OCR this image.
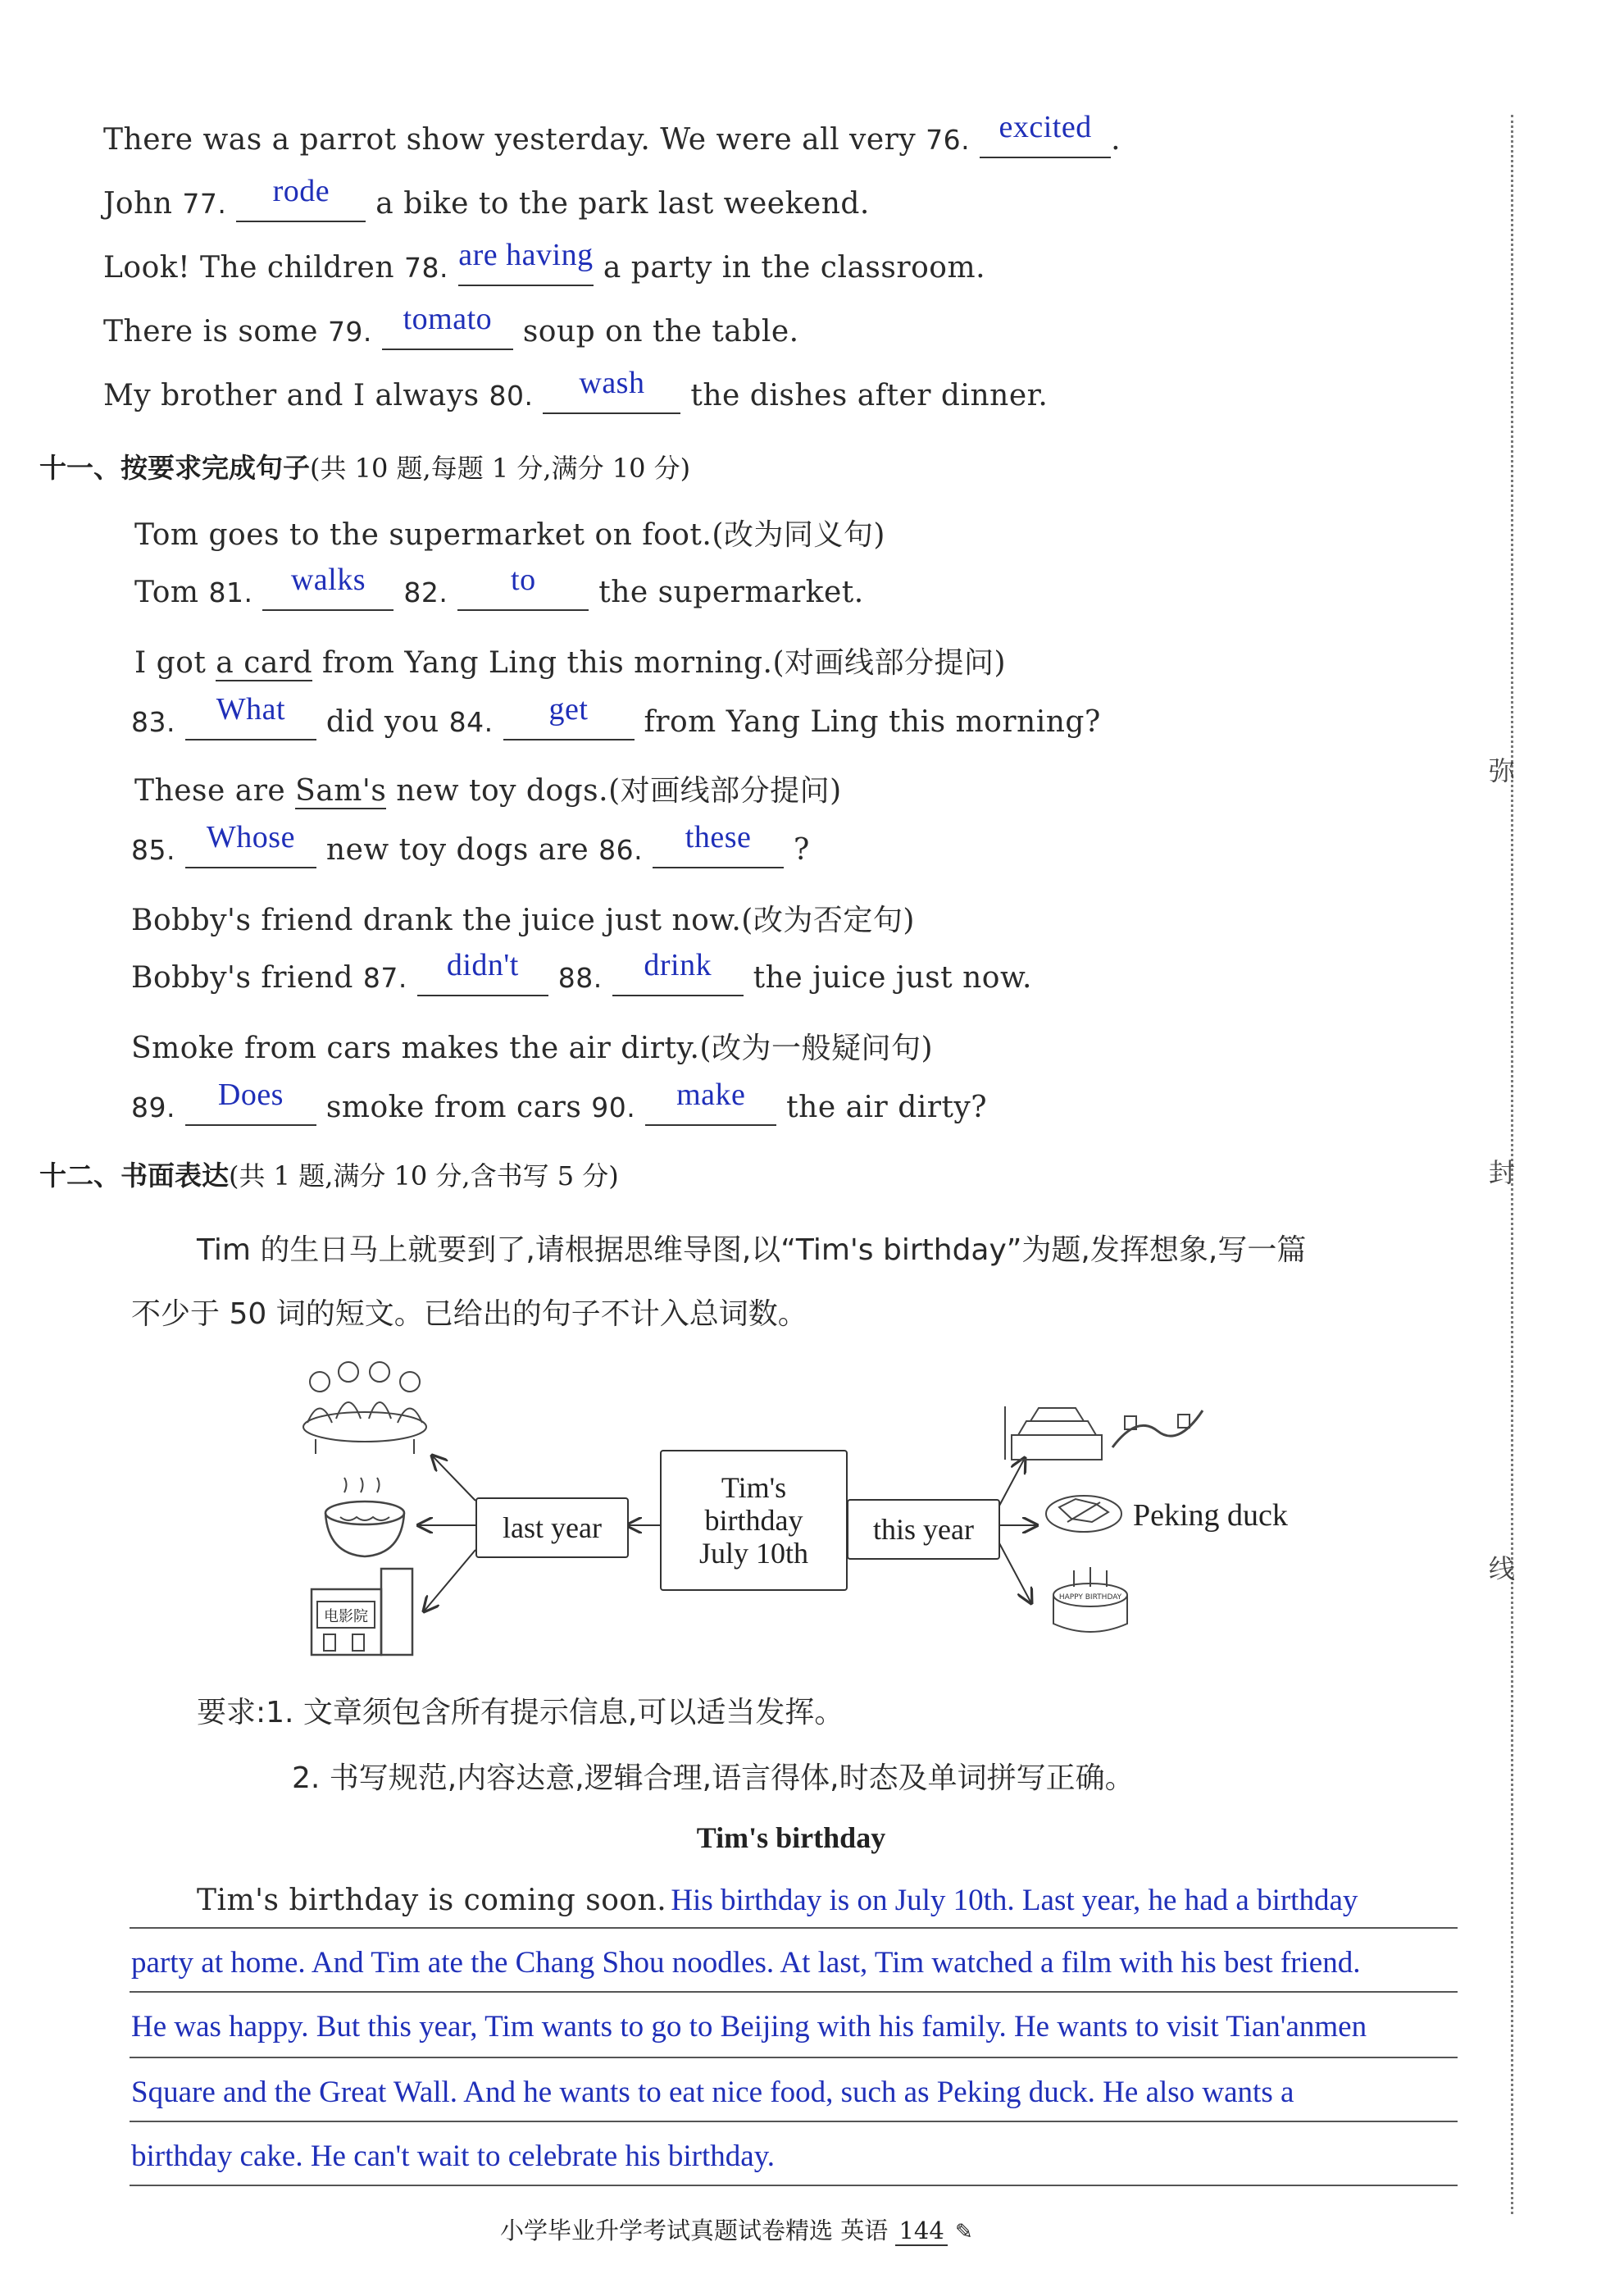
弥
封
线
There was a parrot show yesterday. We were all very 76. excited .
John 77.	rode	a bike to the park last weekend.
Look! The children 78. are having a party in the classroom.
There is some 79. tomato soup on the table.
My brother and I always 80.	wash	the dishes after dinner.
十一、按要求完成句子(共 10 题,每题 1 分,满分 10 分)
Tom goes to the supermarket on foot.(改为同义句)
Tom 81.	walks	82.	to	the supermarket.
I got a card from Yang Ling this morning.(对画线部分提问)
83.	What	did you 84.	get	from Yang Ling this morning?
These are Sam's new toy dogs.(对画线部分提问)
85. Whose new toy dogs are 86.	these	?
Bobby's friend drank the juice just now.(改为否定句)
Bobby's friend 87.	didn't	88.	drink	the juice just now.
Smoke from cars makes the air dirty.(改为一般疑问句)
89.	Does	smoke from cars 90.	make	the air dirty?
十二、书面表达(共 1 题,满分 10 分,含书写 5 分)
Tim 的生日马上就要到了,请根据思维导图,以“Tim's birthday”为题,发挥想象,写一篇
不少于 50 词的短文。已给出的句子不计入总词数。
Tim's
birthday
July 10th
last year	this year
电影院
Peking duck
HAPPY BIRTHDAY
要求:1. 文章须包含所有提示信息,可以适当发挥。
2. 书写规范,内容达意,逻辑合理,语言得体,时态及单词拼写正确。
Tim's birthday
Tim's birthday is coming soon. His birthday is on July 10th. Last year, he had a birthday
party at home. And Tim ate the Chang Shou noodles. At last, Tim watched a film with his best friend.
He was happy. But this year, Tim wants to go to Beijing with his family. He wants to visit Tian'anmen
Square and the Great Wall. And he wants to eat nice food, such as Peking duck. He also wants a
birthday cake. He can't wait to celebrate his birthday.
小学毕业升学考试真题试卷精选 英语 144 ✎
